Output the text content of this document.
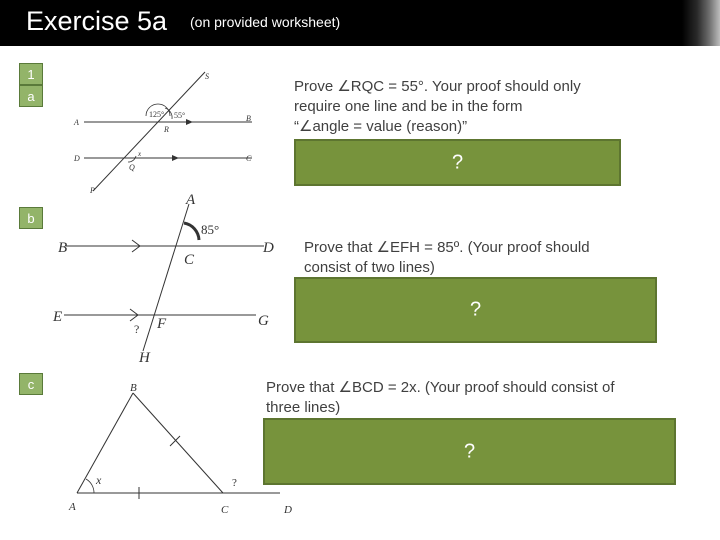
Exercise 5a (on provided worksheet)
1
a
b
c
S
A	B
R
D	C
Q
P
x
125° 55°
A
B
C
D
E	F	G
H
85°
?
B
A	C	D
x	?
Prove ∠RQC = 55°. Your proof should only
require one line and be in the form
“∠angle = value (reason)”
?
Prove that ∠EFH = 85º. (Your proof should
consist of two lines)
?
Prove that ∠BCD = 2x. (Your proof should consist of
three lines)
?
